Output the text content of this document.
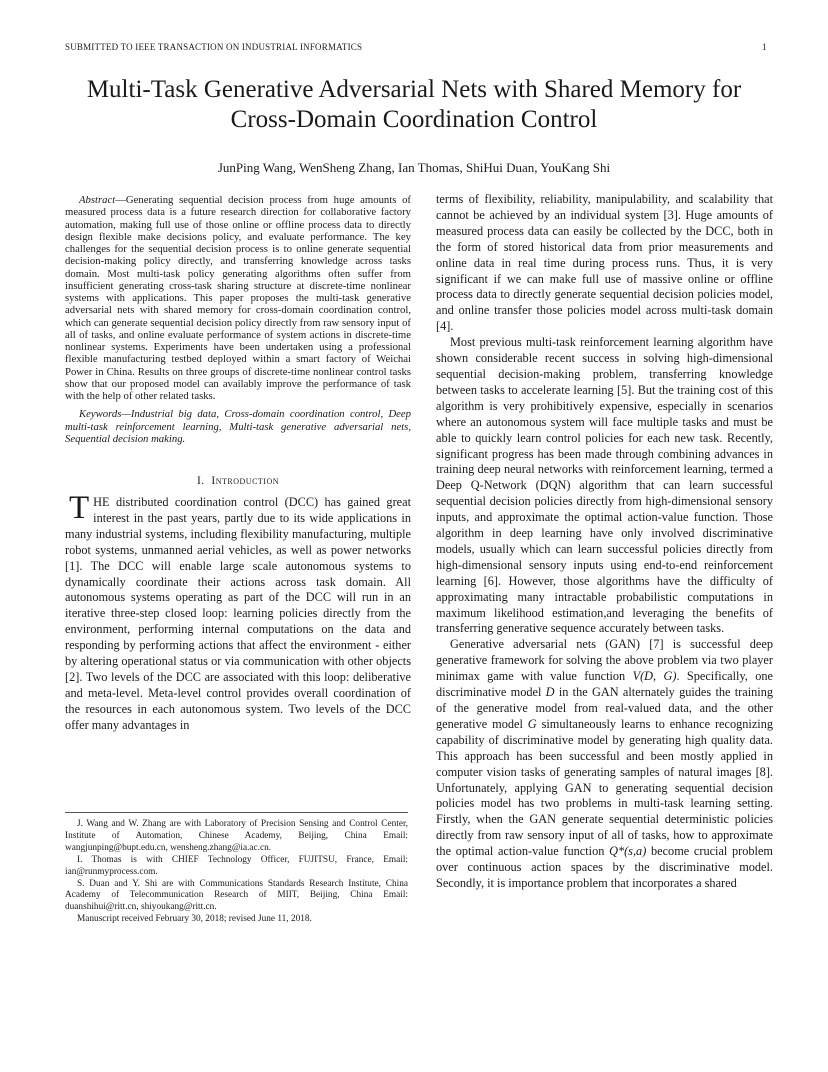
SUBMITTED TO IEEE TRANSACTION ON INDUSTRIAL INFORMATICS	1
Multi-Task Generative Adversarial Nets with Shared Memory for
Cross-Domain Coordination Control
JunPing Wang, WenSheng Zhang, Ian Thomas, ShiHui Duan, YouKang Shi

Abstract—Generating sequential decision process from huge amounts of measured process data is a future research direction for collaborative factory automation, making full use of those online or offline process data to directly design flexible make decisions policy, and evaluate performance. The key challenges for the sequential decision process is to online generate sequential decision-making policy directly, and transferring knowledge across tasks domain. Most multi-task policy generating algorithms often suffer from insufficient generating cross-task sharing structure at discrete-time nonlinear systems with applications. This paper proposes the multi-task generative adversarial nets with shared memory for cross-domain coordination control, which can generate sequential decision policy directly from raw sensory input of all of tasks, and online evaluate performance of system actions in discrete-time nonlinear systems. Experiments have been undertaken using a professional flexible manufacturing testbed deployed within a smart factory of Weichai Power in China. Results on three groups of discrete-time nonlinear control tasks show that our proposed model can availably improve the performance of task with the help of other related tasks.

Keywords—Industrial big data, Cross-domain coordination control, Deep multi-task reinforcement learning, Multi-task generative adversarial nets, Sequential decision making.

I. Introduction

THE distributed coordination control (DCC) has gained great interest in the past years, partly due to its wide applications in many industrial systems, including flexibility manufacturing, multiple robot systems, unmanned aerial vehicles, as well as power networks [1]. The DCC will enable large scale autonomous systems to dynamically coordinate their actions across task domain. All autonomous systems operating as part of the DCC will run in an iterative three-step closed loop: learning policies directly from the environment, performing internal computations on the data and responding by performing actions that affect the environment - either by altering operational status or via communication with other objects [2]. Two levels of the DCC are associated with this loop: deliberative and meta-level. Meta-level control provides overall coordination of the resources in each autonomous system. Two levels of the DCC offer many advantages in

terms of flexibility, reliability, manipulability, and scalability that cannot be achieved by an individual system [3]. Huge amounts of measured process data can easily be collected by the DCC, both in the form of stored historical data from prior measurements and online data in real time during process runs. Thus, it is very significant if we can make full use of massive online or offline process data to directly generate sequential decision policies model, and online transfer those policies model across multi-task domain [4].

Most previous multi-task reinforcement learning algorithm have shown considerable recent success in solving high-dimensional sequential decision-making problem, transferring knowledge between tasks to accelerate learning [5]. But the training cost of this algorithm is very prohibitively expensive, especially in scenarios where an autonomous system will face multiple tasks and must be able to quickly learn control policies for each new task. Recently, significant progress has been made through combining advances in training deep neural networks with reinforcement learning, termed a Deep Q-Network (DQN) algorithm that can learn successful sequential decision policies directly from high-dimensional sensory inputs, and approximate the optimal action-value function. Those algorithm in deep learning have only involved discriminative models, usually which can learn successful policies directly from high-dimensional sensory inputs using end-to-end reinforcement learning [6]. However, those algorithms have the difficulty of approximating many intractable probabilistic computations in maximum likelihood estimation,and leveraging the benefits of transferring generative sequence accurately between tasks.

Generative adversarial nets (GAN) [7] is successful deep generative framework for solving the above problem via two player minimax game with value function V(D, G). Specifically, one discriminative model D in the GAN alternately guides the training of the generative model from real-valued data, and the other generative model G simultaneously learns to enhance recognizing capability of discriminative model by generating high quality data. This approach has been successful and been mostly applied in computer vision tasks of generating samples of natural images [8]. Unfortunately, applying GAN to generating sequential decision policies model has two problems in multi-task learning setting. Firstly, when the GAN generate sequential deterministic policies directly from raw sensory input of all of tasks, how to approximate the optimal action-value function Q*(s,a) become crucial problem over continuous action spaces by the discriminative model. Secondly, it is importance problem that incorporates a shared

J. Wang and W. Zhang are with Laboratory of Precision Sensing and Control Center, Institute of Automation, Chinese Academy, Beijing, China Email: wangjunping@bupt.edu.cn, wensheng.zhang@ia.ac.cn.

I. Thomas is with CHIEF Technology Officer, FUJITSU, France, Email: ian@runmyprocess.com.

S. Duan and Y. Shi are with Communications Standards Research Institute, China Academy of Telecommunication Research of MIIT, Beijing, China Email: duanshihui@ritt.cn, shiyoukang@ritt.cn.

Manuscript received February 30, 2018; revised June 11, 2018.
